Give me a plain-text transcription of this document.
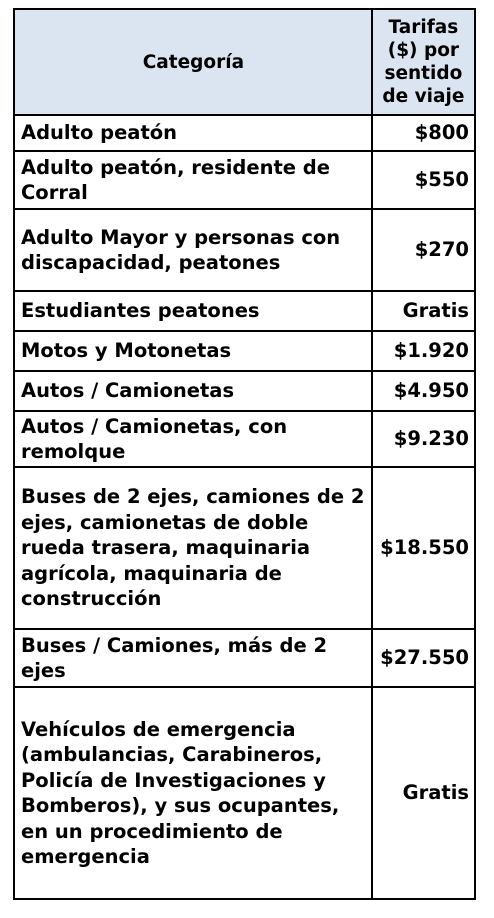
Categoría	Tarifas ($) por sentido de viaje
Adulto peatón	$800
Adulto peatón, residente de Corral	$550
Adulto Mayor y personas con discapacidad, peatones	$270
Estudiantes peatones	Gratis
Motos y Motonetas	$1.920
Autos / Camionetas	$4.950
Autos / Camionetas, con remolque	$9.230
Buses de 2 ejes, camiones de 2 ejes, camionetas de doble rueda trasera, maquinaria agrícola, maquinaria de construcción	$18.550
Buses / Camiones, más de 2 ejes	$27.550
Vehículos de emergencia (ambulancias, Carabineros, Policía de Investigaciones y Bomberos), y sus ocupantes, en un procedimiento de emergencia	Gratis
